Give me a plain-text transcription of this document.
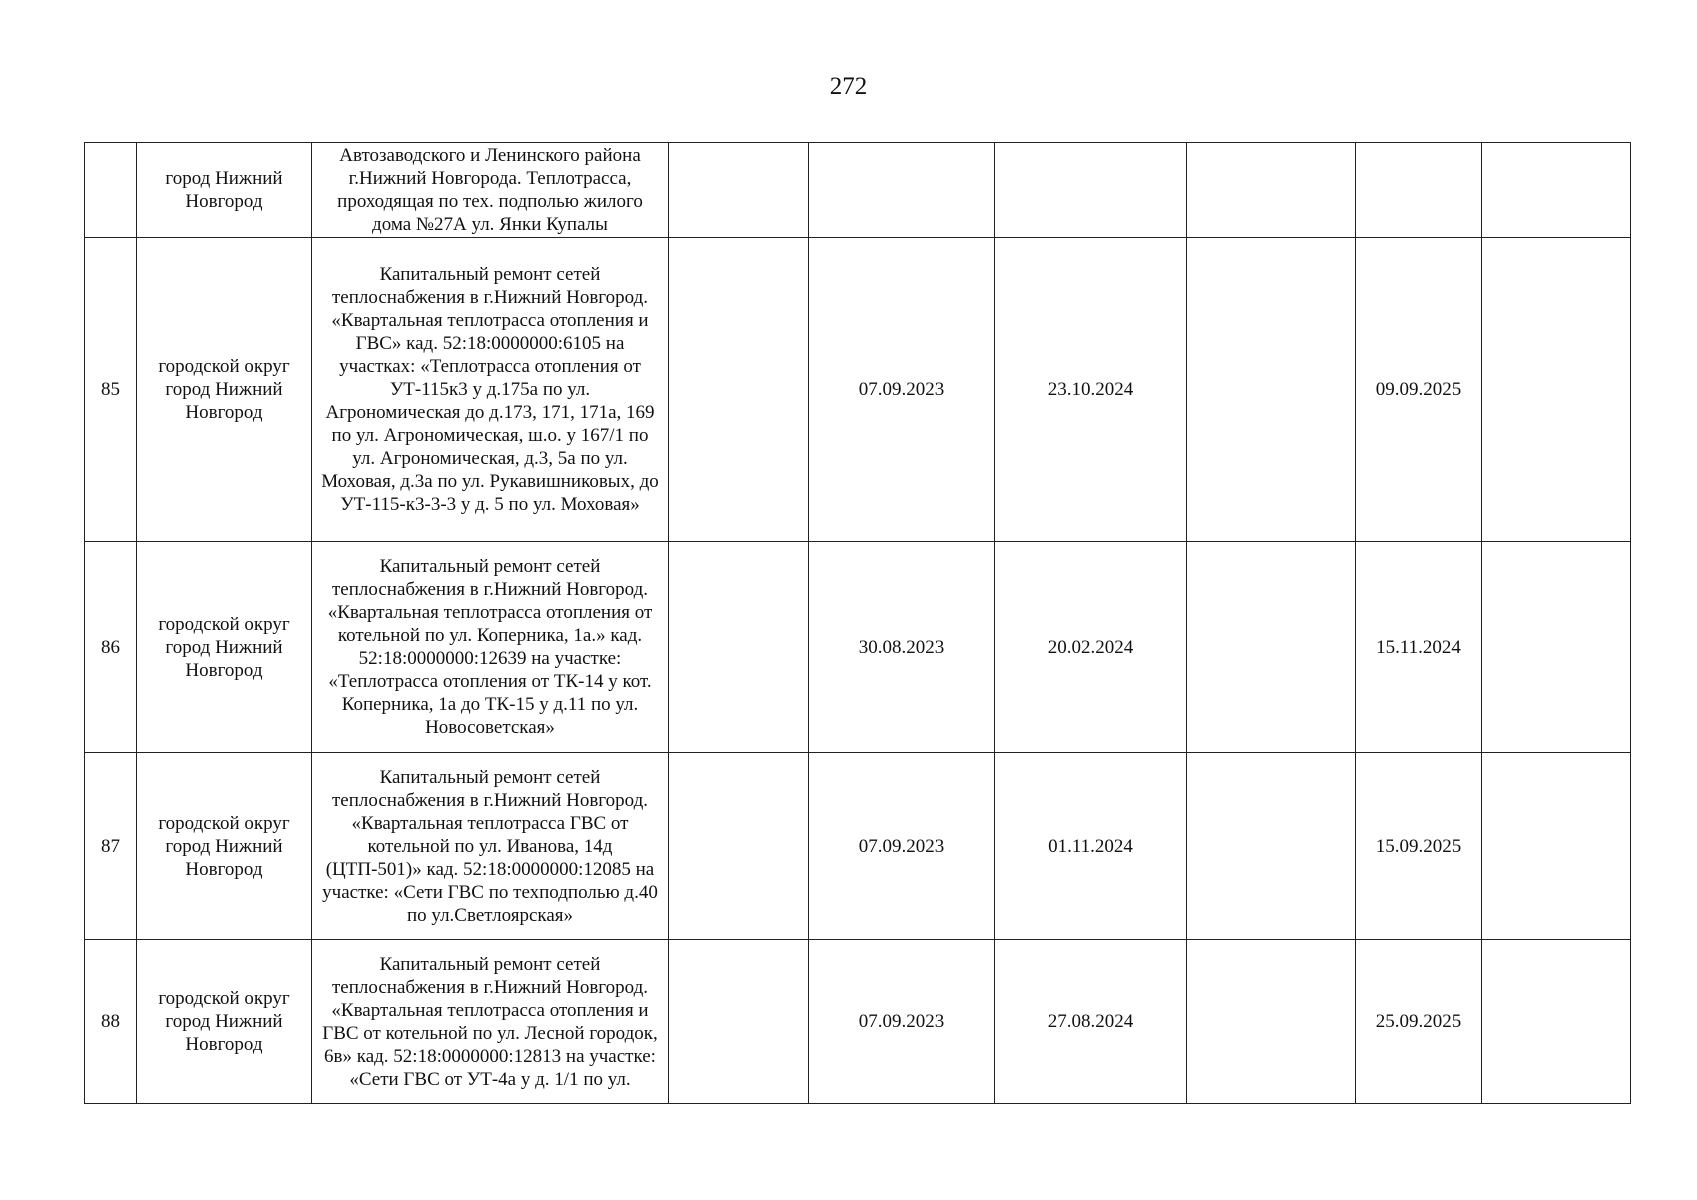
272
	город Нижний Новгород	Автозаводского и Ленинского района г.Нижний Новгорода. Теплотрасса, проходящая по тех. подполью жилого дома №27А ул. Янки Купалы						
85	городской округ город Нижний Новгород	Капитальный ремонт сетей теплоснабжения в г.Нижний Новгород. «Квартальная теплотрасса отопления и ГВС» кад. 52:18:0000000:6105 на участках: «Теплотрасса отопления от УТ-115к3 у д.175а по ул. Агрономическая до д.173, 171, 171а, 169 по ул. Агрономическая, ш.о. у 167/1 по ул. Агрономическая, д.3, 5а по ул. Моховая, д.3а по ул. Рукавишниковых, до УТ-115-к3-3-3 у д. 5 по ул. Моховая»		07.09.2023	23.10.2024		09.09.2025	
86	городской округ город Нижний Новгород	Капитальный ремонт сетей теплоснабжения в г.Нижний Новгород. «Квартальная теплотрасса отопления от котельной по ул. Коперника, 1а.» кад. 52:18:0000000:12639 на участке: «Теплотрасса отопления от ТК-14 у кот. Коперника, 1а до ТК-15 у д.11 по ул. Новосоветская»		30.08.2023	20.02.2024		15.11.2024	
87	городской округ город Нижний Новгород	Капитальный ремонт сетей теплоснабжения в г.Нижний Новгород. «Квартальная теплотрасса ГВС от котельной по ул. Иванова, 14д (ЦТП-501)» кад. 52:18:0000000:12085 на участке: «Сети ГВС по техподполью д.40 по ул.Светлоярская»		07.09.2023	01.11.2024		15.09.2025	
88	городской округ город Нижний Новгород	Капитальный ремонт сетей теплоснабжения в г.Нижний Новгород. «Квартальная теплотрасса отопления и ГВС от котельной по ул. Лесной городок, 6в» кад. 52:18:0000000:12813 на участке: «Сети ГВС от УТ-4а у д. 1/1 по ул.		07.09.2023	27.08.2024		25.09.2025	
